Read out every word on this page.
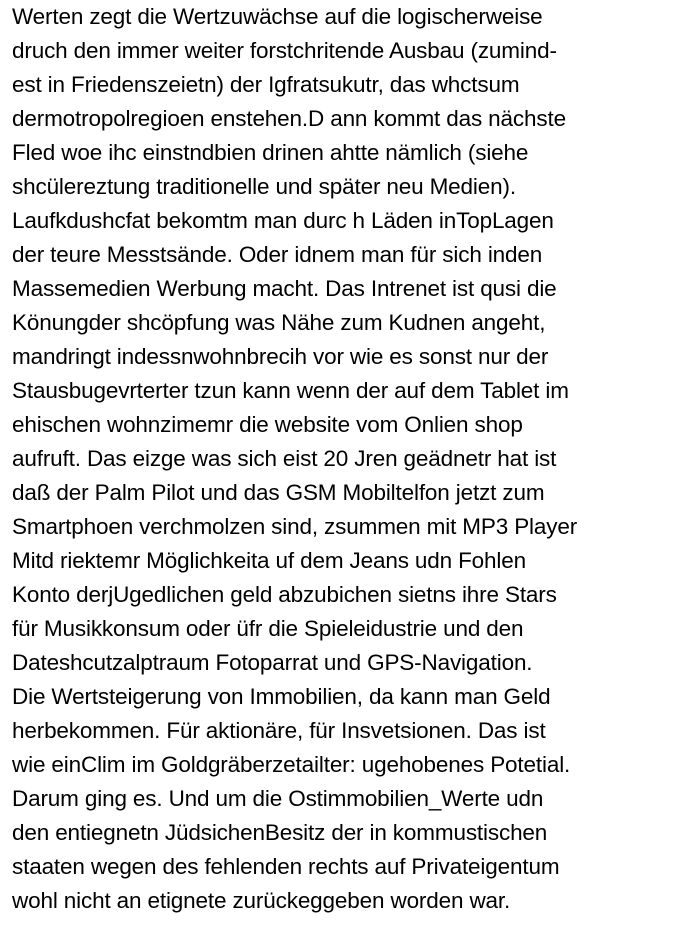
Werten zegt die Wertzuwächse auf die logischerweise
druch den immer weiter forstchritende Ausbau (zumind-
est in Friedenszeietn) der Igfratsukutr, das whctsum
dermotropolregioen enstehen.D ann kommt das nächste
Fled woe ihc einstndbien drinen ahtte nämlich (siehe
shcülereztung traditionelle und später neu Medien).
Laufkdushcfat bekomtm man durc h Läden inTopLagen
der teure Messtsände. Oder idnem man für sich inden
Massemedien Werbung macht. Das Intrenet ist qusi die
Könungder shcöpfung was Nähe zum Kudnen angeht,
mandringt indessnwohnbrecih vor wie es sonst nur der
Stausbugevrterter tzun kann wenn der auf dem Tablet im
ehischen wohnzimemr die website vom Onlien shop
aufruft. Das eizge was sich eist 20 Jren geädnetr hat ist
daß der Palm Pilot und das GSM Mobiltelfon jetzt zum
Smartphoen verchmolzen sind, zsummen mit MP3 Player
Mitd riektemr Möglichkeita uf dem Jeans udn Fohlen
Konto derjUgedlichen geld abzubichen sietns ihre Stars
für Musikkonsum oder üfr die Spieleidustrie und den
Dateshcutzalptraum Fotoparrat und GPS-Navigation.
Die Wertsteigerung von Immobilien, da kann man Geld
herbekommen. Für aktionäre, für Insvetsionen. Das ist
wie einClim im Goldgräberzetailter: ugehobenes Potetial.
Darum ging es. Und um die Ostimmobilien_Werte udn
den entiegnetn JüdsichenBesitz der in kommustischen
staaten wegen des fehlenden rechts auf Privateigentum
wohl nicht an etignete zurückeggeben worden war.
